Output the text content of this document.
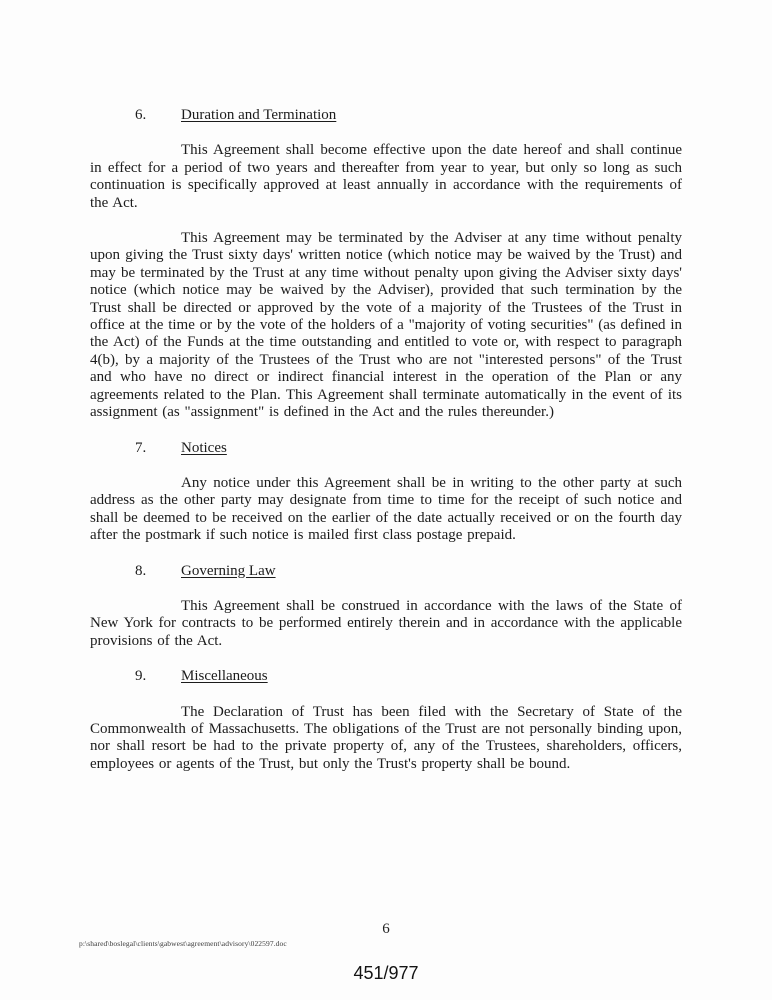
6. Duration and Termination

This Agreement shall become effective upon the date hereof and shall continue in effect for a period of two years and thereafter from year to year, but only so long as such continuation is specifically approved at least annually in accordance with the requirements of the Act.

This Agreement may be terminated by the Adviser at any time without penalty upon giving the Trust sixty days' written notice (which notice may be waived by the Trust) and may be terminated by the Trust at any time without penalty upon giving the Adviser sixty days' notice (which notice may be waived by the Adviser), provided that such termination by the Trust shall be directed or approved by the vote of a majority of the Trustees of the Trust in office at the time or by the vote of the holders of a "majority of voting securities" (as defined in the Act) of the Funds at the time outstanding and entitled to vote or, with respect to paragraph 4(b), by a majority of the Trustees of the Trust who are not "interested persons" of the Trust and who have no direct or indirect financial interest in the operation of the Plan or any agreements related to the Plan. This Agreement shall terminate automatically in the event of its assignment (as "assignment" is defined in the Act and the rules thereunder.)

7. Notices

Any notice under this Agreement shall be in writing to the other party at such address as the other party may designate from time to time for the receipt of such notice and shall be deemed to be received on the earlier of the date actually received or on the fourth day after the postmark if such notice is mailed first class postage prepaid.

8. Governing Law

This Agreement shall be construed in accordance with the laws of the State of New York for contracts to be performed entirely therein and in accordance with the applicable provisions of the Act.

9. Miscellaneous

The Declaration of Trust has been filed with the Secretary of State of the Commonwealth of Massachusetts. The obligations of the Trust are not personally binding upon, nor shall resort be had to the private property of, any of the Trustees, shareholders, officers, employees or agents of the Trust, but only the Trust's property shall be bound.

6
p:\shared\boslegal\clients\gabwest\agreement\advisory\022597.doc
451/977
